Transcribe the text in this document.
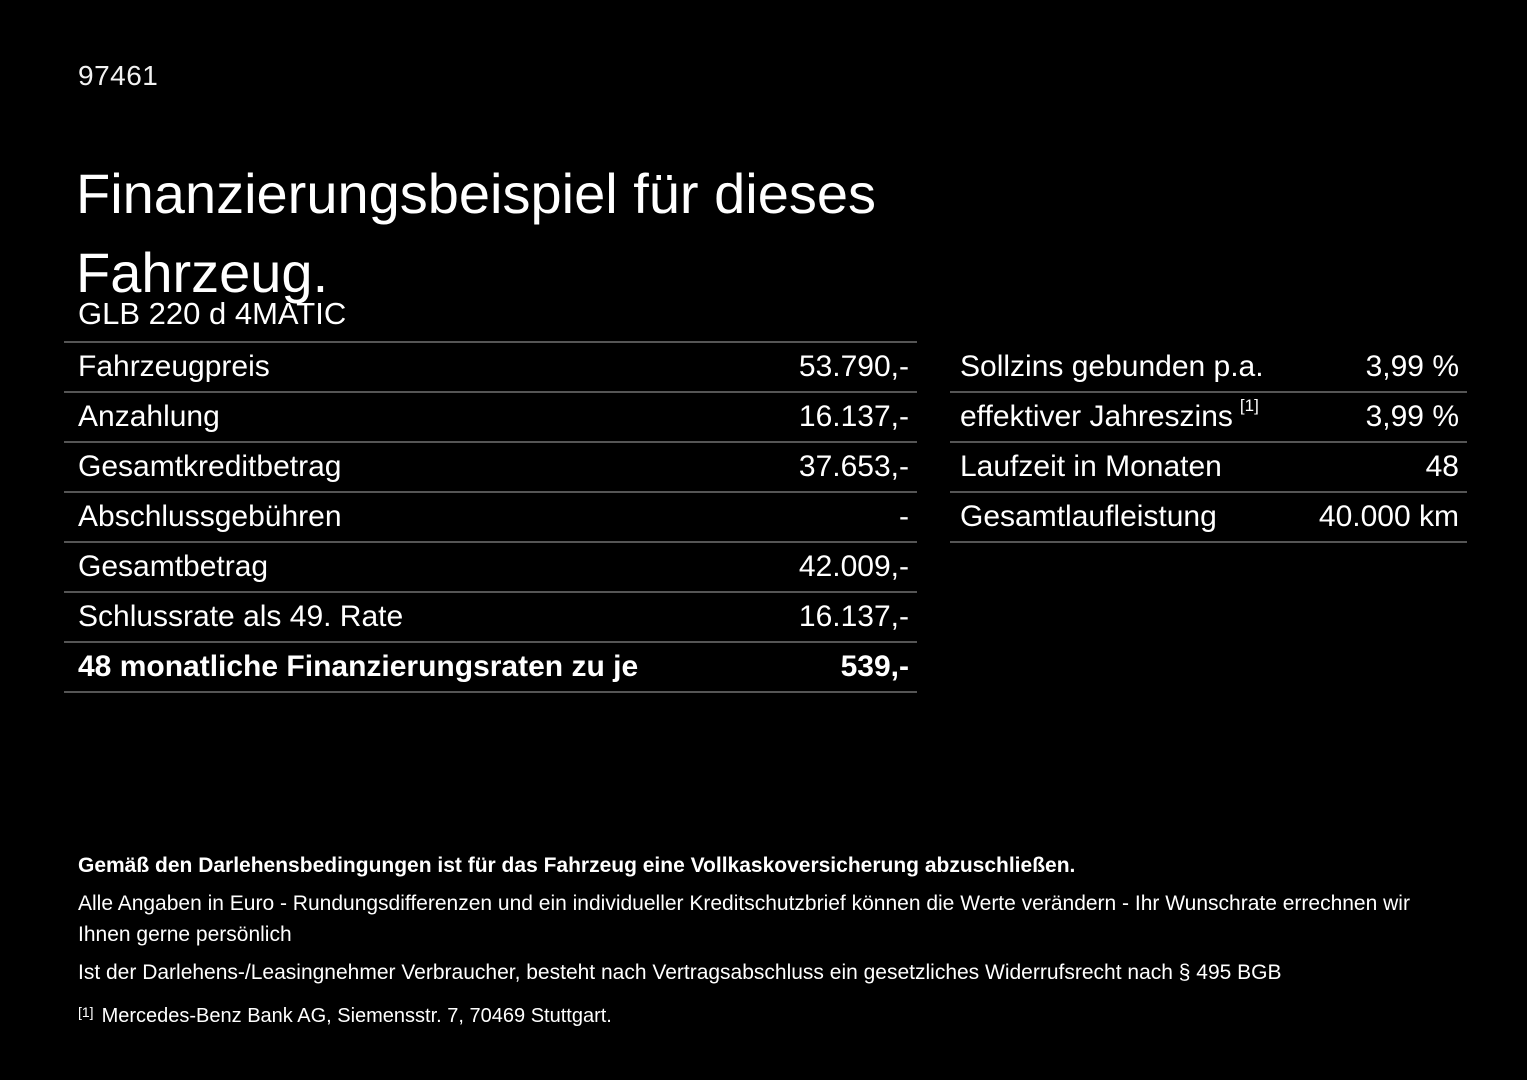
97461
Finanzierungsbeispiel für dieses Fahrzeug.
GLB 220 d 4MATIC
Fahrzeugpreis	53.790,-
Anzahlung	16.137,-
Gesamtkreditbetrag	37.653,-
Abschlussgebühren	-
Gesamtbetrag	42.009,-
Schlussrate als 49. Rate	16.137,-
48 monatliche Finanzierungsraten zu je	539,-
Sollzins gebunden p.a.	3,99 %
effektiver Jahreszins [1]	3,99 %
Laufzeit in Monaten	48
Gesamtlaufleistung	40.000 km
Gemäß den Darlehensbedingungen ist für das Fahrzeug eine Vollkaskoversicherung abzuschließen.
Alle Angaben in Euro - Rundungsdifferenzen und ein individueller Kreditschutzbrief können die Werte verändern - Ihr Wunschrate errechnen wir Ihnen gerne persönlich
Ist der Darlehens-/Leasingnehmer Verbraucher, besteht nach Vertragsabschluss ein gesetzliches Widerrufsrecht nach § 495 BGB
[1] Mercedes-Benz Bank AG, Siemensstr. 7, 70469 Stuttgart.
